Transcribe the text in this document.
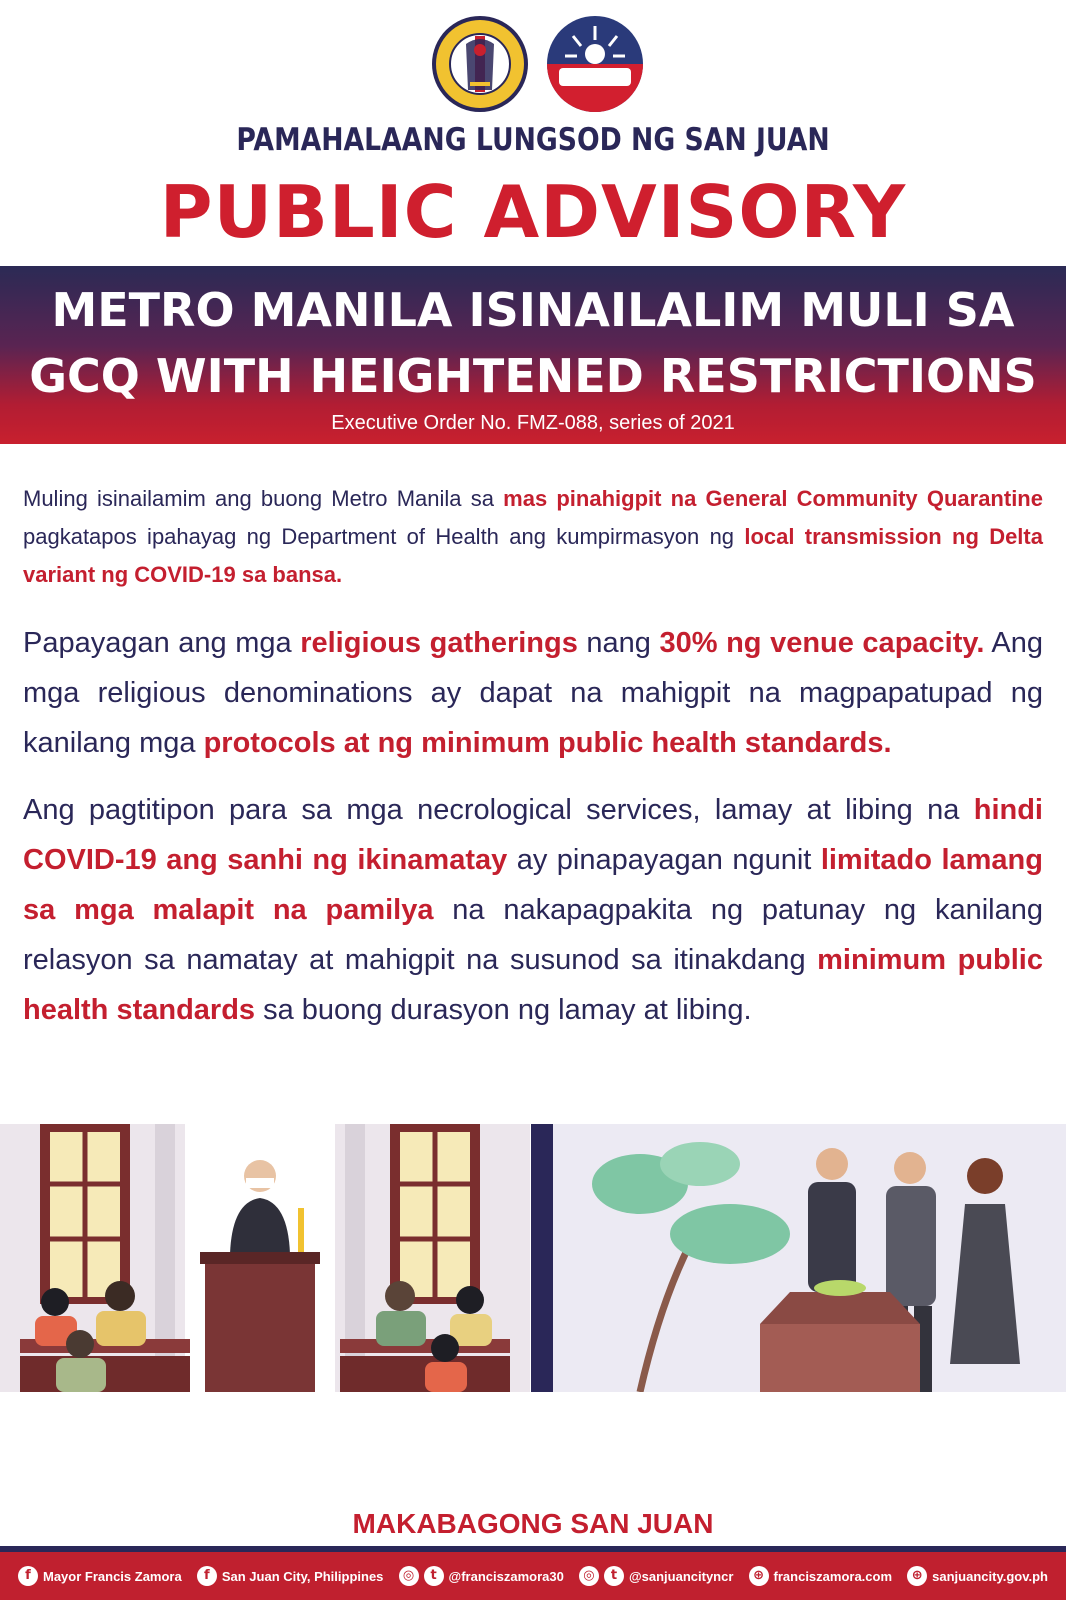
PAMAHALAANG LUNGSOD NG SAN JUAN
PUBLIC ADVISORY
METRO MANILA ISINAILALIM MULI SA
GCQ WITH HEIGHTENED RESTRICTIONS
Executive Order No. FMZ-088, series of 2021
Muling isinailamim ang buong Metro Manila sa mas pinahigpit na General Community Quarantine pagkatapos ipahayag ng Department of Health ang kumpirmasyon ng local transmission ng Delta variant ng COVID-19 sa bansa.
Papayagan ang mga religious gatherings nang 30% ng venue capacity. Ang mga religious denominations ay dapat na mahigpit na magpapatupad ng kanilang mga protocols at ng minimum public health standards.
Ang pagtitipon para sa mga necrological services, lamay at libing na hindi COVID-19 ang sanhi ng ikinamatay ay pinapayagan ngunit limitado lamang sa mga malapit na pamilya na nakapagpakita ng patunay ng kanilang relasyon sa namatay at mahigpit na susunod sa itinakdang minimum public health standards sa buong durasyon ng lamay at libing.
MAKABAGONG SAN JUAN
f Mayor Francis Zamora	f San Juan City, Philippines	◎	t @franciszamora30	◎	t @sanjuancityncr	⊕ franciszamora.com	⊕ sanjuancity.gov.ph
